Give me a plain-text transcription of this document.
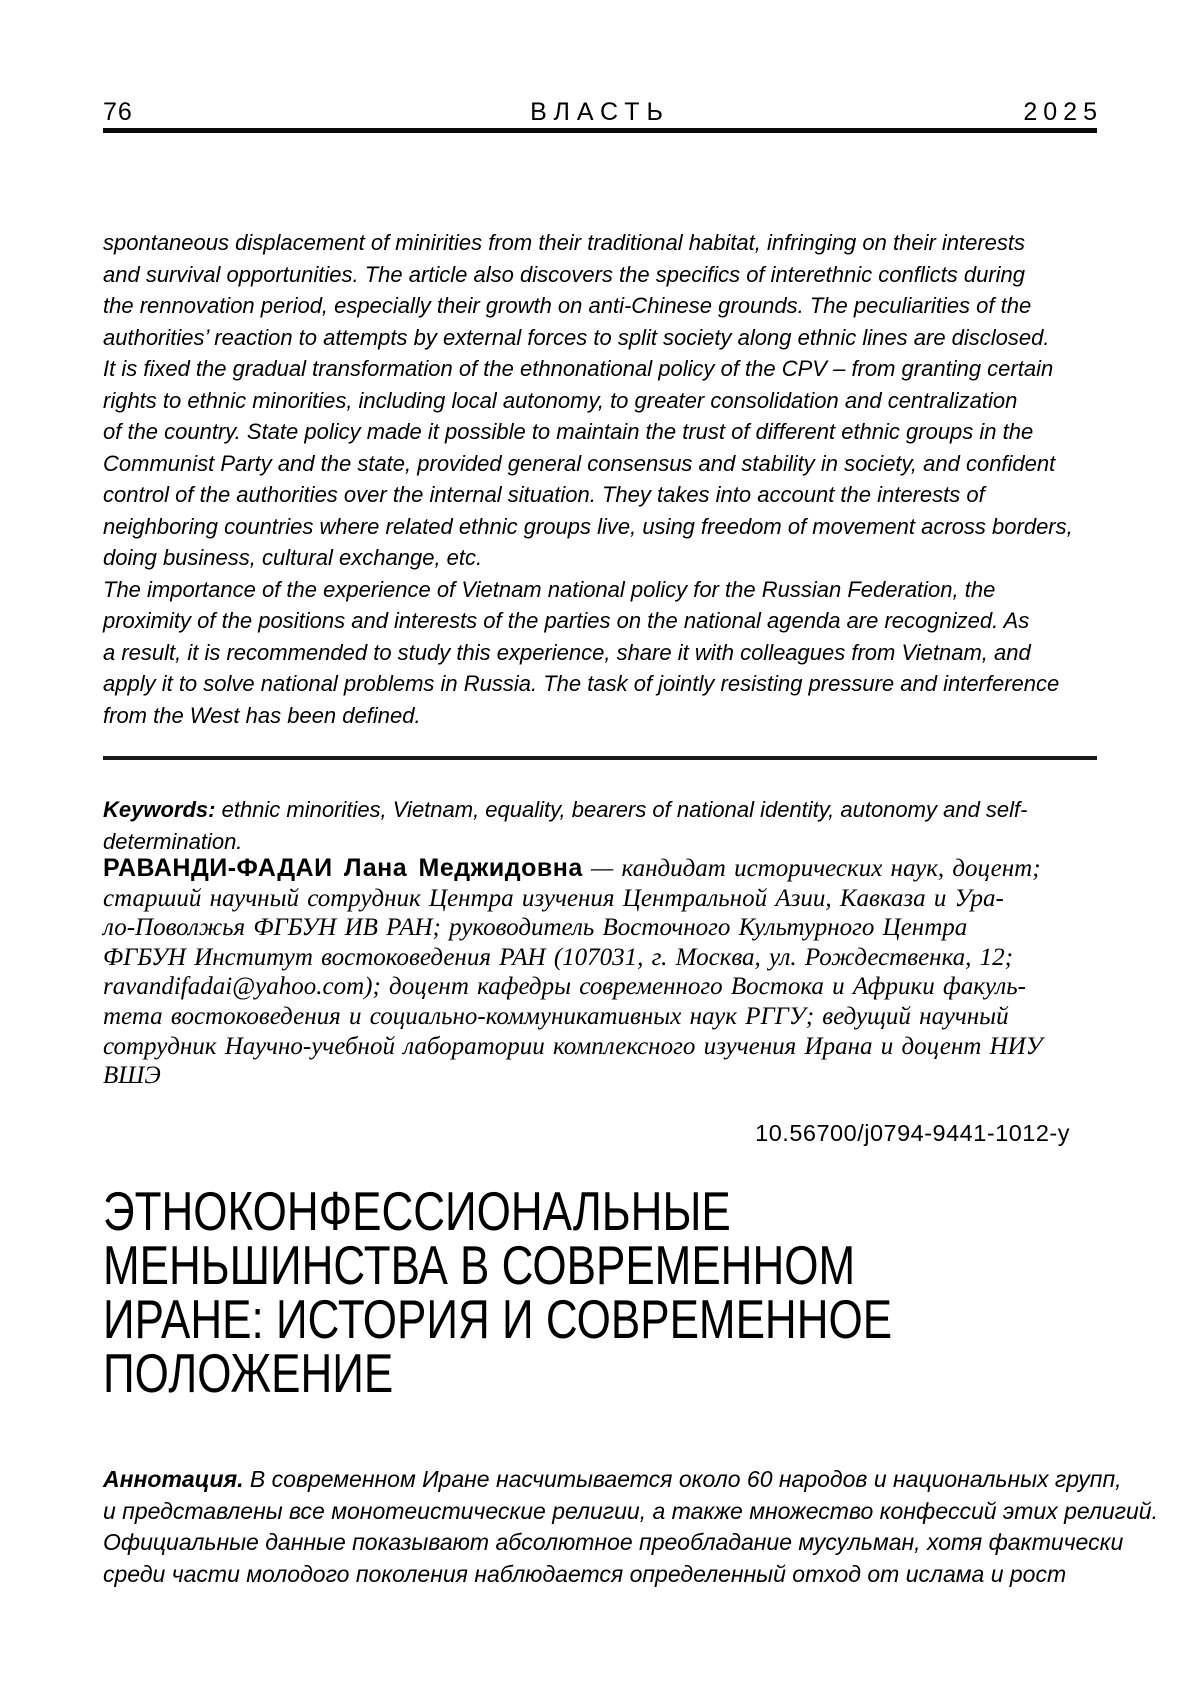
76	ВЛАСТЬ	2025

spontaneous displacement of minirities from their traditional habitat, infringing on their interests
and survival opportunities. The article also discovers the specifics of interethnic conflicts during
the rennovation period, especially their growth on anti-Chinese grounds. The peculiarities of the
authorities’ reaction to attempts by external forces to split society along ethnic lines are disclosed.
It is fixed the gradual transformation of the ethnonational policy of the CPV – from granting certain
rights to ethnic minorities, including local autonomy, to greater consolidation and centralization
of the country. State policy made it possible to maintain the trust of different ethnic groups in the
Communist Party and the state, provided general consensus and stability in society, and confident
control of the authorities over the internal situation. They takes into account the interests of
neighboring countries where related ethnic groups live, using freedom of movement across borders,
doing business, cultural exchange, etc.
The importance of the experience of Vietnam national policy for the Russian Federation, the
proximity of the positions and interests of the parties on the national agenda are recognized. As
a result, it is recommended to study this experience, share it with colleagues from Vietnam, and
apply it to solve national problems in Russia. The task of jointly resisting pressure and interference
from the West has been defined.

Keywords: ethnic minorities, Vietnam, equality, bearers of national identity, autonomy and self-
determination.

РАВАНДИ-ФАДАИ Лана Меджидовна — кандидат исторических наук, доцент;
старший научный сотрудник Центра изучения Центральной Азии, Кавказа и Ура-
ло-Поволжья ФГБУН ИВ РАН; руководитель Восточного Культурного Центра
ФГБУН Институт востоковедения РАН (107031, г. Москва, ул. Рождественка, 12;
ravandifadai@yahoo.com); доцент кафедры современного Востока и Африки факуль-
тета востоковедения и социально-коммуникативных наук РГГУ; ведущий научный
сотрудник Научно-учебной лаборатории комплексного изучения Ирана и доцент НИУ
ВШЭ
10.56700/j0794-9441-1012-y
ЭТНОКОНФЕССИОНАЛЬНЫЕ
МЕНЬШИНСТВА В СОВРЕМЕННОМ
ИРАНЕ: ИСТОРИЯ И СОВРЕМЕННОЕ
ПОЛОЖЕНИЕ
Аннотация. В современном Иране насчитывается около 60 народов и национальных групп,
и представлены все монотеистические религии, а также множество конфессий этих религий.
Официальные данные показывают абсолютное преобладание мусульман, хотя фактически
среди части молодого поколения наблюдается определенный отход от ислама и рост
